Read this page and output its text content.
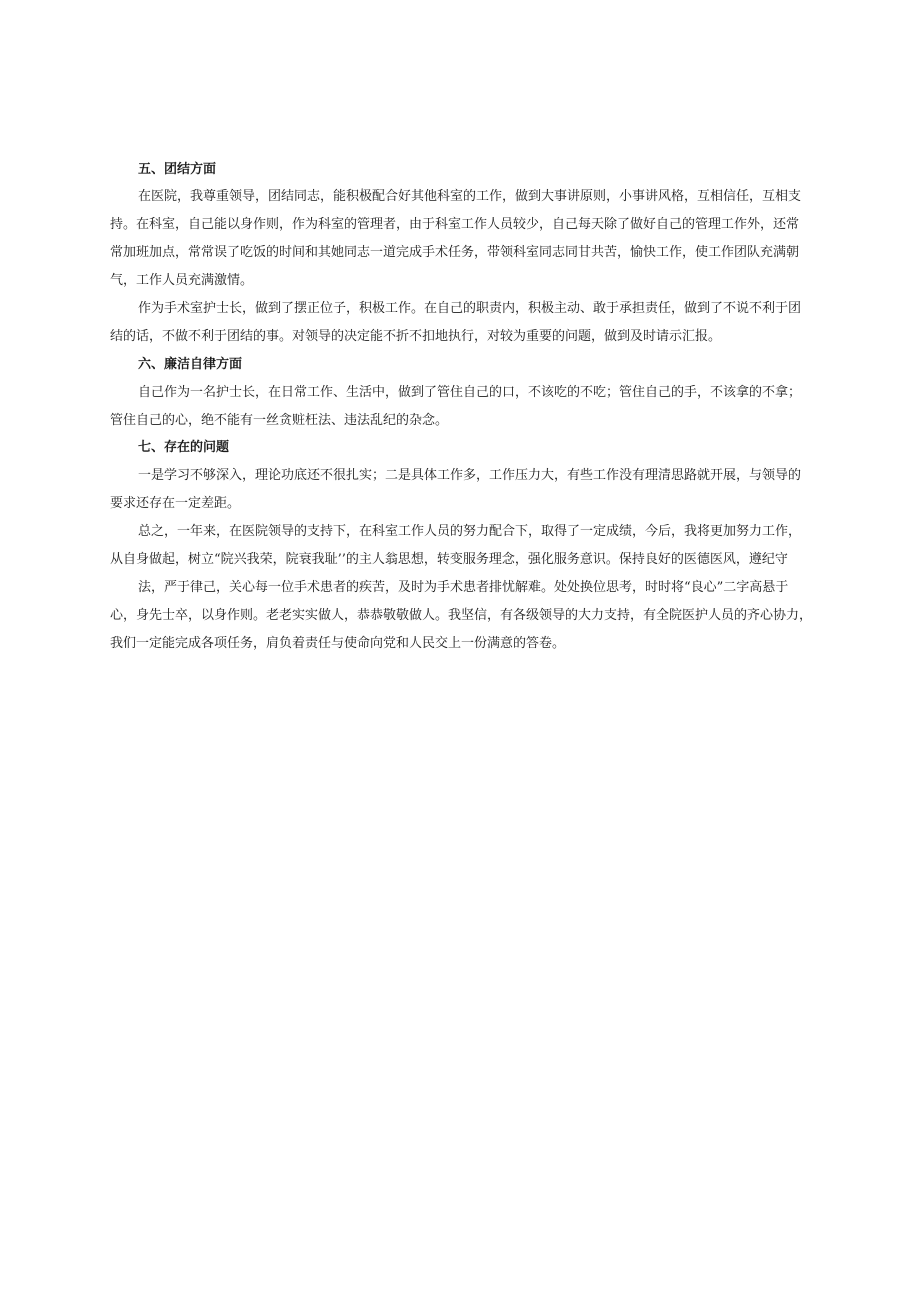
五、团结方面
在医院，我尊重领导，团结同志，能积极配合好其他科室的工作，做到大事讲原则，小事讲风格，互相信任，互相支
持。在科室，自己能以身作则，作为科室的管理者，由于科室工作人员较少，自己每天除了做好自己的管理工作外，还常
常加班加点，常常误了吃饭的时间和其她同志一道完成手术任务，带领科室同志同甘共苦，愉快工作，使工作团队充满朝
气，工作人员充满激情。
作为手术室护士长，做到了摆正位子，积极工作。在自己的职责内，积极主动、敢于承担责任，做到了不说不利于团
结的话，不做不利于团结的事。对领导的决定能不折不扣地执行，对较为重要的问题，做到及时请示汇报。
六、廉洁自律方面
自己作为一名护士长，在日常工作、生活中，做到了管住自己的口，不该吃的不吃；管住自己的手，不该拿的不拿；
管住自己的心，绝不能有一丝贪赃枉法、违法乱纪的杂念。
七、存在的问题
一是学习不够深入，理论功底还不很扎实；二是具体工作多，工作压力大，有些工作没有理清思路就开展，与领导的
要求还存在一定差距。
总之，一年来，在医院领导的支持下，在科室工作人员的努力配合下，取得了一定成绩，今后，我将更加努力工作，
从自身做起，树立“院兴我荣，院衰我耻’’的主人翁思想，转变服务理念，强化服务意识。保持良好的医德医风，遵纪守
法，严于律己，关心每一位手术患者的疾苦，及时为手术患者排忧解难。处处换位思考，时时将“良心”二字高悬于
心，身先士卒，以身作则。老老实实做人，恭恭敬敬做人。我坚信，有各级领导的大力支持，有全院医护人员的齐心协力，
我们一定能完成各项任务，肩负着责任与使命向党和人民交上一份满意的答卷。
